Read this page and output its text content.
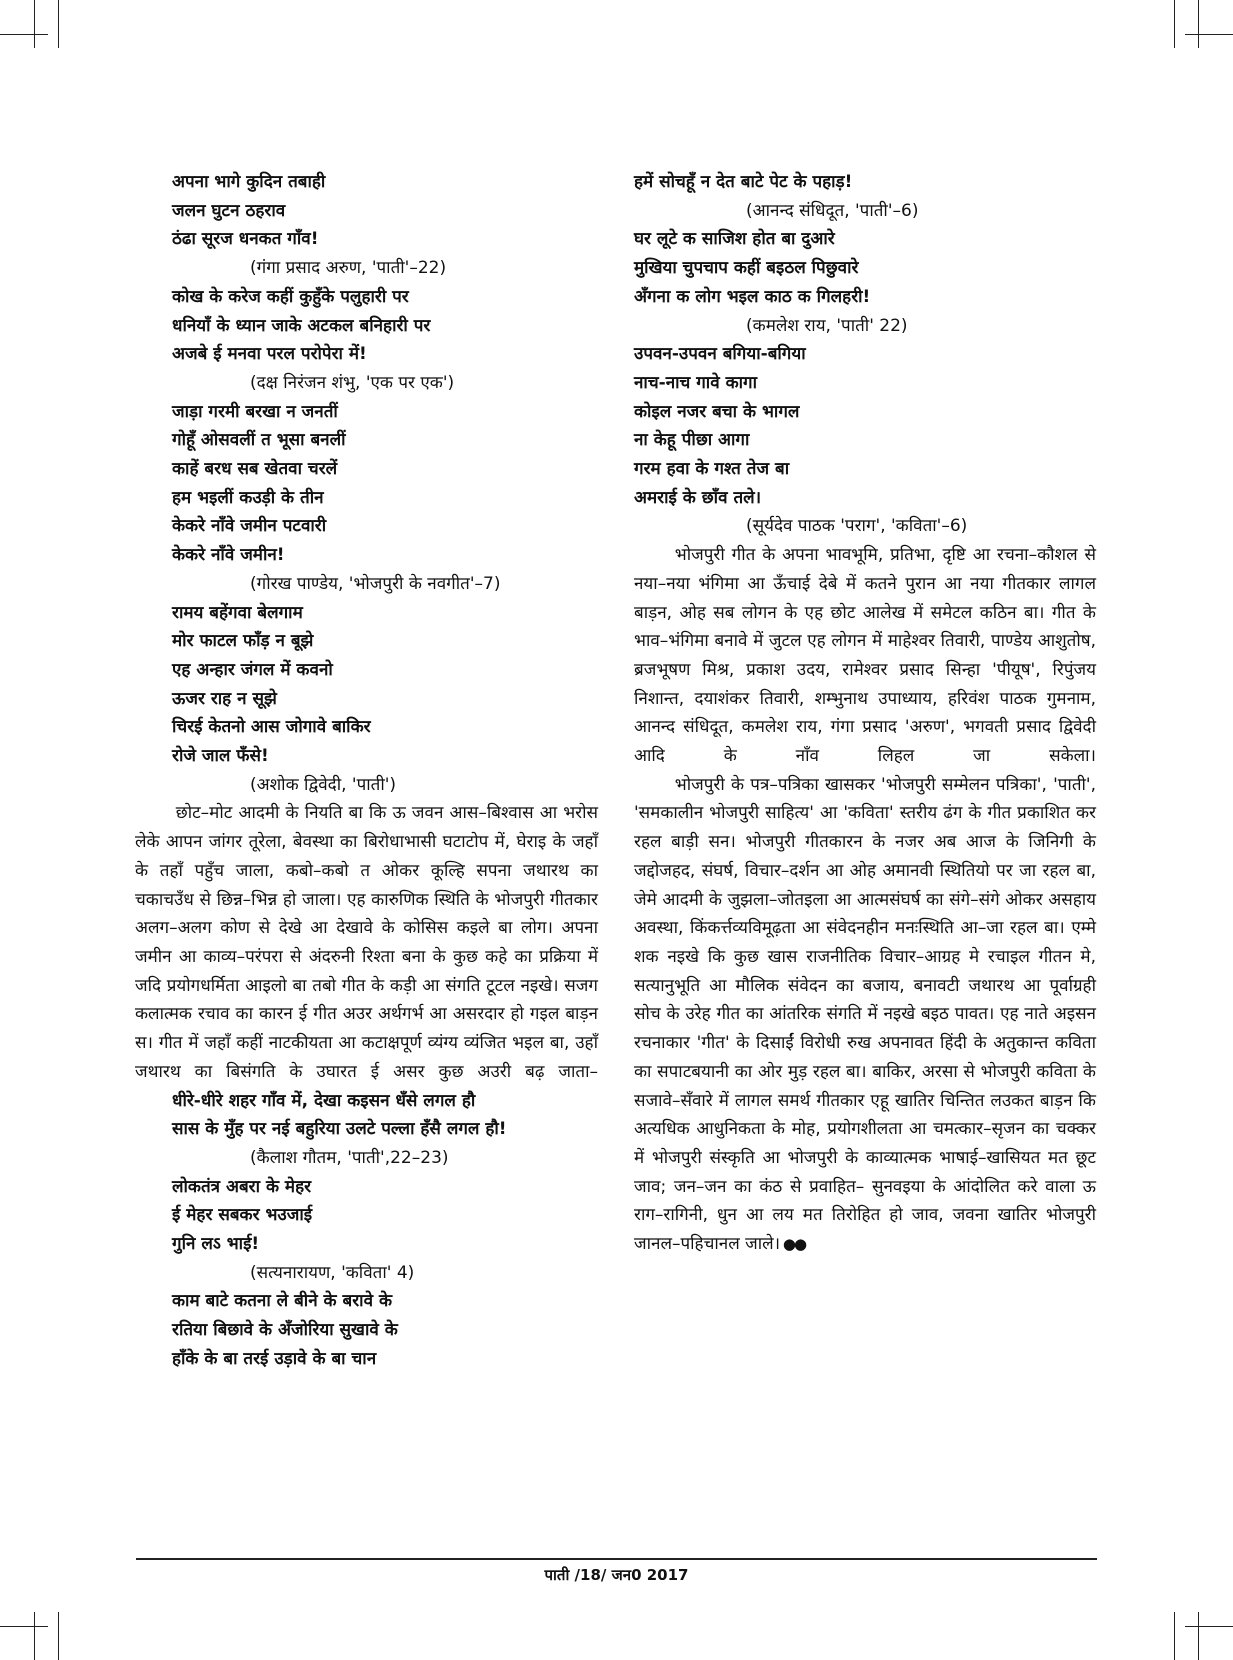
अपना भागे कुदिन तबाही
जलन घुटन ठहराव
ठंढा सूरज धनकत गाँव!
(गंगा प्रसाद अरुण, 'पाती'–22)
कोख के करेज कहीं कुहुँके पलुहारी पर
धनियाँ के ध्यान जाके अटकल बनिहारी पर
अजबे ई मनवा परल परोपेरा में!
(दक्ष निरंजन शंभु, 'एक पर एक')
जाड़ा गरमी बरखा न जनतीं
गोहूँ ओसवलीं त भूसा बनलीं
काहें बरध सब खेतवा चरलें
हम भइलीं कउड़ी के तीन
केकरे नाँवे जमीन पटवारी
केकरे नाँवे जमीन!
(गोरख पाण्डेय, 'भोजपुरी के नवगीत'–7)
रामय बहेंगवा बेलगाम
मोर फाटल फाँड़ न बूझे
एह अन्हार जंगल में कवनो
ऊजर राह न सूझे
चिरई केतनो आस जोगावे बाकिर
रोजे जाल फँसे!
(अशोक द्विवेदी, 'पाती')
छोट–मोट आदमी के नियति बा कि ऊ जवन आस–बिश्वास आ भरोस लेके आपन जांगर तूरेला, बेवस्था का बिरोधाभासी घटाटोप में, घेराइ के जहाँ के तहाँ पहुँच जाला, कबो–कबो त ओकर कूल्हि सपना जथारथ का चकाचउँध से छिन्न–भिन्न हो जाला। एह कारुणिक स्थिति के भोजपुरी गीतकार अलग–अलग कोण से देखे आ देखावे के कोसिस कइले बा लोग। अपना जमीन आ काव्य–परंपरा से अंदरुनी रिश्ता बना के कुछ कहे का प्रक्रिया में जदि प्रयोगधर्मिता आइलो बा तबो गीत के कड़ी आ संगति टूटल नइखे। सजग कलात्मक रचाव का कारन ई गीत अउर अर्थगर्भ आ असरदार हो गइल बाड़न स। गीत में जहाँ कहीं नाटकीयता आ कटाक्षपूर्ण व्यंग्य व्यंजित भइल बा, उहाँ जथारथ का बिसंगति के उघारत ई असर कुछ अउरी बढ़ जाता–
धीरे-धीरे शहर गाँव में, देखा कइसन धँसे लगल हौ
सास के मुँह पर नई बहुरिया उलटे पल्ला हँसै लगल हौ!
(कैलाश गौतम, 'पाती',22–23)
लोकतंत्र अबरा के मेहर
ई मेहर सबकर भउजाई
गुनि लऽ भाई!
(सत्यनारायण, 'कविता' 4)
काम बाटे कतना ले बीने के बरावे के
रतिया बिछावे के अँजोरिया सुखावे के
हाँके के बा तरई उड़ावे के बा चान
हमें सोचहूँ न देत बाटे पेट के पहाड़!
(आनन्द संधिदूत, 'पाती'–6)
घर लूटे क साजिश होत बा दुआरे
मुखिया चुपचाप कहीं बइठल पिछुवारे
अँगना क लोग भइल काठ क गिलहरी!
(कमलेश राय, 'पाती' 22)
उपवन-उपवन बगिया-बगिया
नाच-नाच गावे कागा
कोइल नजर बचा के भागल
ना केहू पीछा आगा
गरम हवा के गश्त तेज बा
अमराई के छाँव तले।
(सूर्यदेव पाठक 'पराग', 'कविता'–6)
भोजपुरी गीत के अपना भावभूमि, प्रतिभा, दृष्टि आ रचना–कौशल से नया–नया भंगिमा आ ऊँचाई देबे में कतने पुरान आ नया गीतकार लागल बाड़न, ओह सब लोगन के एह छोट आलेख में समेटल कठिन बा। गीत के भाव–भंगिमा बनावे में जुटल एह लोगन में माहेश्वर तिवारी, पाण्डेय आशुतोष, ब्रजभूषण मिश्र, प्रकाश उदय, रामेश्वर प्रसाद सिन्हा 'पीयूष', रिपुंजय निशान्त, दयाशंकर तिवारी, शम्भुनाथ उपाध्याय, हरिवंश पाठक गुमनाम, आनन्द संधिदूत, कमलेश राय, गंगा प्रसाद 'अरुण', भगवती प्रसाद द्विवेदी आदि के नाँव लिहल जा सकेला।
भोजपुरी के पत्र–पत्रिका खासकर 'भोजपुरी सम्मेलन पत्रिका', 'पाती', 'समकालीन भोजपुरी साहित्य' आ 'कविता' स्तरीय ढंग के गीत प्रकाशित कर रहल बाड़ी सन। भोजपुरी गीतकारन के नजर अब आज के जिनिगी के जद्दोजहद, संघर्ष, विचार–दर्शन आ ओह अमानवी स्थितियो पर जा रहल बा, जेमे आदमी के जुझला–जोतइला आ आत्मसंघर्ष का संगे–संगे ओकर असहाय अवस्था, किंकर्त्तव्यविमूढ़ता आ संवेदनहीन मनःस्थिति आ–जा रहल बा। एम्मे शक नइखे कि कुछ खास राजनीतिक विचार–आग्रह मे रचाइल गीतन मे, सत्यानुभूति आ मौलिक संवेदन का बजाय, बनावटी जथारथ आ पूर्वाग्रही सोच के उरेह गीत का आंतरिक संगति में नइखे बइठ पावत। एह नाते अइसन रचनाकार 'गीत' के दिसाईं विरोधी रुख अपनावत हिंदी के अतुकान्त कविता का सपाटबयानी का ओर मुड़ रहल बा। बाकिर, अरसा से भोजपुरी कविता के सजावे–सँवारे में लागल समर्थ गीतकार एहू खातिर चिन्तित लउकत बाड़न कि अत्यधिक आधुनिकता के मोह, प्रयोगशीलता आ चमत्कार–सृजन का चक्कर में भोजपुरी संस्कृति आ भोजपुरी के काव्यात्मक भाषाई–खासियत मत छूट जाव; जन–जन का कंठ से प्रवाहित– सुनवइया के आंदोलित करे वाला ऊ राग–रागिनी, धुन आ लय मत तिरोहित हो जाव, जवना खातिर भोजपुरी जानल–पहिचानल जाले। ●●
पाती /18/ जन0 2017
